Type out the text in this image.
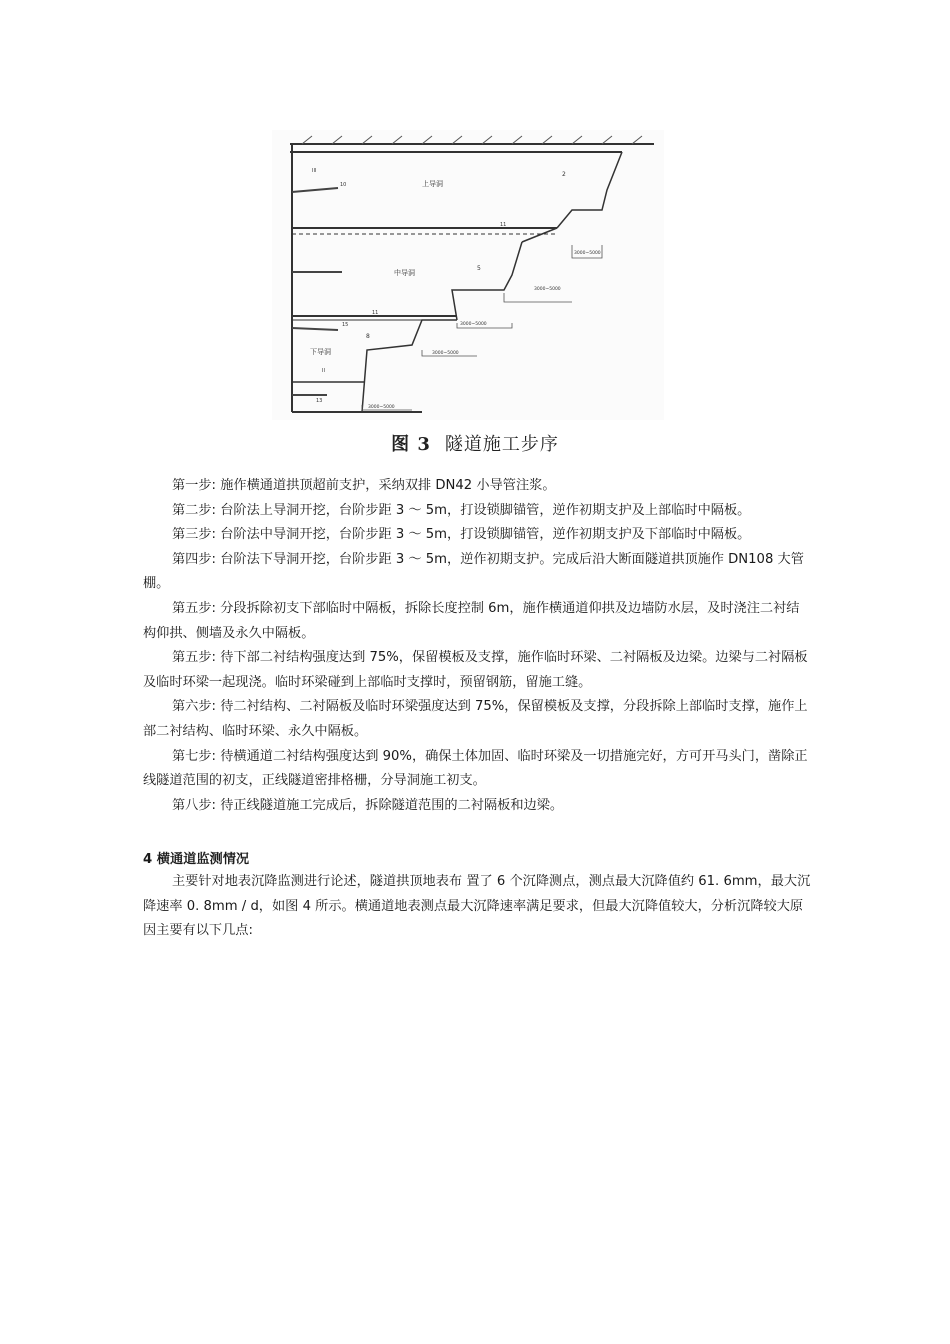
上导洞
中导洞
下导洞
2
5
8
III
10
11
11
15
II
13
3000~5000
3000~5000
3000~5000
3000~5000
3000~5000
图 3 隧道施工步序

第一步: 施作横通道拱顶超前支护，采纳双排 DN42 小导管注浆。

第二步: 台阶法上导洞开挖，台阶步距 3 ～ 5m，打设锁脚锚管，逆作初期支护及上部临时中隔板。

第三步: 台阶法中导洞开挖，台阶步距 3 ～ 5m，打设锁脚锚管，逆作初期支护及下部临时中隔板。

第四步: 台阶法下导洞开挖，台阶步距 3 ～ 5m，逆作初期支护。完成后沿大断面隧道拱顶施作 DN108 大管棚。

第五步: 分段拆除初支下部临时中隔板，拆除长度控制 6m，施作横通道仰拱及边墙防水层，及时浇注二衬结构仰拱、侧墙及永久中隔板。

第五步: 待下部二衬结构强度达到 75%，保留模板及支撑，施作临时环梁、二衬隔板及边梁。边梁与二衬隔板及临时环梁一起现浇。临时环梁碰到上部临时支撑时，预留钢筋，留施工缝。

第六步: 待二衬结构、二衬隔板及临时环梁强度达到 75%，保留模板及支撑，分段拆除上部临时支撑，施作上部二衬结构、临时环梁、永久中隔板。

第七步: 待横通道二衬结构强度达到 90%，确保土体加固、临时环梁及一切措施完好，方可开马头门，凿除正线隧道范围的初支，正线隧道密排格栅，分导洞施工初支。

第八步: 待正线隧道施工完成后，拆除隧道范围的二衬隔板和边梁。

4 横通道监测情况

主要针对地表沉降监测进行论述，隧道拱顶地表布 置了 6 个沉降测点，测点最大沉降值约 61. 6mm，最大沉降速率 0. 8mm / d，如图 4 所示。横通道地表测点最大沉降速率满足要求，但最大沉降值较大，分析沉降较大原因主要有以下几点:
